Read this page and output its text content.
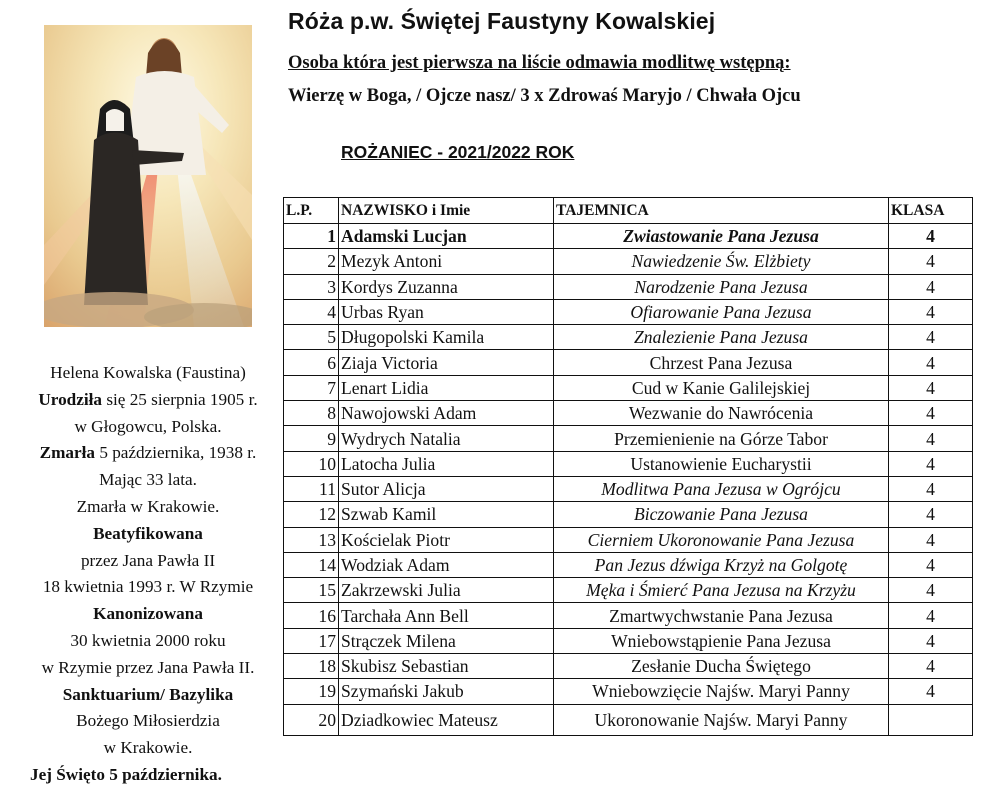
Róża p.w. Świętej Faustyny Kowalskiej
Osoba która jest pierwsza na liście odmawia modlitwę wstępną:
Wierzę w Boga, / Ojcze nasz/ 3 x Zdrowaś Maryjo / Chwała Ojcu
ROŻANIEC - 2021/2022 ROK
Helena Kowalska (Faustina)
Urodziła się 25 sierpnia 1905 r.
w Głogowcu, Polska.
Zmarła 5 października, 1938 r.
Mając 33 lata.
Zmarła w Krakowie.
Beatyfikowana
przez Jana Pawła II
18 kwietnia 1993 r. W Rzymie
Kanonizowana
30 kwietnia 2000 roku
w Rzymie przez Jana Pawła II.
Sanktuarium/ Bazylika
Bożego Miłosierdzia
w Krakowie.
Jej Święto 5 października.
L.P.	NAZWISKO i Imie	TAJEMNICA	KLASA
1	Adamski Lucjan	Zwiastowanie Pana Jezusa	4
2	Mezyk Antoni	Nawiedzenie Św. Elżbiety	4
3	Kordys Zuzanna	Narodzenie Pana Jezusa	4
4	Urbas Ryan	Ofiarowanie Pana Jezusa	4
5	Długopolski Kamila	Znalezienie Pana Jezusa	4
6	Ziaja Victoria	Chrzest Pana Jezusa	4
7	Lenart Lidia	Cud w Kanie Galilejskiej	4
8	Nawojowski Adam	Wezwanie do Nawrócenia	4
9	Wydrych Natalia	Przemienienie na Górze Tabor	4
10	Latocha Julia	Ustanowienie Eucharystii	4
11	Sutor Alicja	Modlitwa Pana Jezusa w Ogrójcu	4
12	Szwab Kamil	Biczowanie Pana Jezusa	4
13	Kościelak Piotr	Cierniem Ukoronowanie Pana Jezusa	4
14	Wodziak Adam	Pan Jezus dźwiga Krzyż na Golgotę	4
15	Zakrzewski Julia	Męka i Śmierć Pana Jezusa na Krzyżu	4
16	Tarchała Ann Bell	Zmartwychwstanie Pana Jezusa	4
17	Strączek Milena	Wniebowstąpienie Pana Jezusa	4
18	Skubisz Sebastian	Zesłanie Ducha Świętego	4
19	Szymański Jakub	Wniebowzięcie Najśw. Maryi Panny	4
20	Dziadkowiec Mateusz	Ukoronowanie Najśw. Maryi Panny	
